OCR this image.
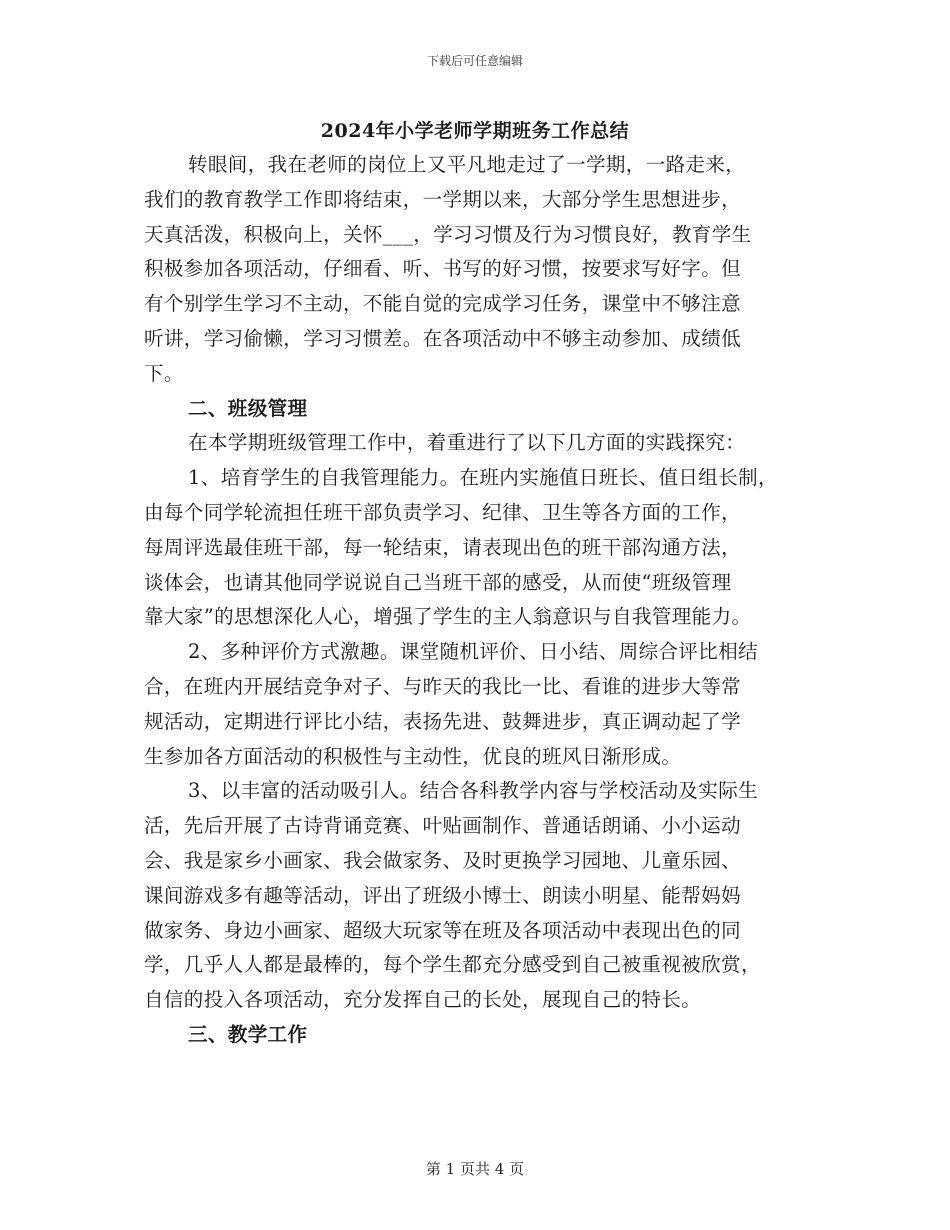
下载后可任意编辑
2024年小学老师学期班务工作总结
转眼间，我在老师的岗位上又平凡地走过了一学期，一路走来，
我们的教育教学工作即将结束，一学期以来，大部分学生思想进步，
天真活泼，积极向上，关怀___，学习习惯及行为习惯良好，教育学生
积极参加各项活动，仔细看、听、书写的好习惯，按要求写好字。但
有个别学生学习不主动，不能自觉的完成学习任务，课堂中不够注意
听讲，学习偷懒，学习习惯差。在各项活动中不够主动参加、成绩低
下。
二、班级管理
在本学期班级管理工作中，着重进行了以下几方面的实践探究：
1、培育学生的自我管理能力。在班内实施值日班长、值日组长制，
由每个同学轮流担任班干部负责学习、纪律、卫生等各方面的工作，
每周评选最佳班干部，每一轮结束，请表现出色的班干部沟通方法，
谈体会，也请其他同学说说自己当班干部的感受，从而使“班级管理
靠大家”的思想深化人心，增强了学生的主人翁意识与自我管理能力。
2、多种评价方式激趣。课堂随机评价、日小结、周综合评比相结
合，在班内开展结竞争对子、与昨天的我比一比、看谁的进步大等常
规活动，定期进行评比小结，表扬先进、鼓舞进步，真正调动起了学
生参加各方面活动的积极性与主动性，优良的班风日渐形成。
3、以丰富的活动吸引人。结合各科教学内容与学校活动及实际生
活，先后开展了古诗背诵竞赛、叶贴画制作、普通话朗诵、小小运动
会、我是家乡小画家、我会做家务、及时更换学习园地、儿童乐园、
课间游戏多有趣等活动，评出了班级小博士、朗读小明星、能帮妈妈
做家务、身边小画家、超级大玩家等在班及各项活动中表现出色的同
学，几乎人人都是最棒的，每个学生都充分感受到自己被重视被欣赏，
自信的投入各项活动，充分发挥自己的长处，展现自己的特长。
三、教学工作
第 1 页共 4 页
